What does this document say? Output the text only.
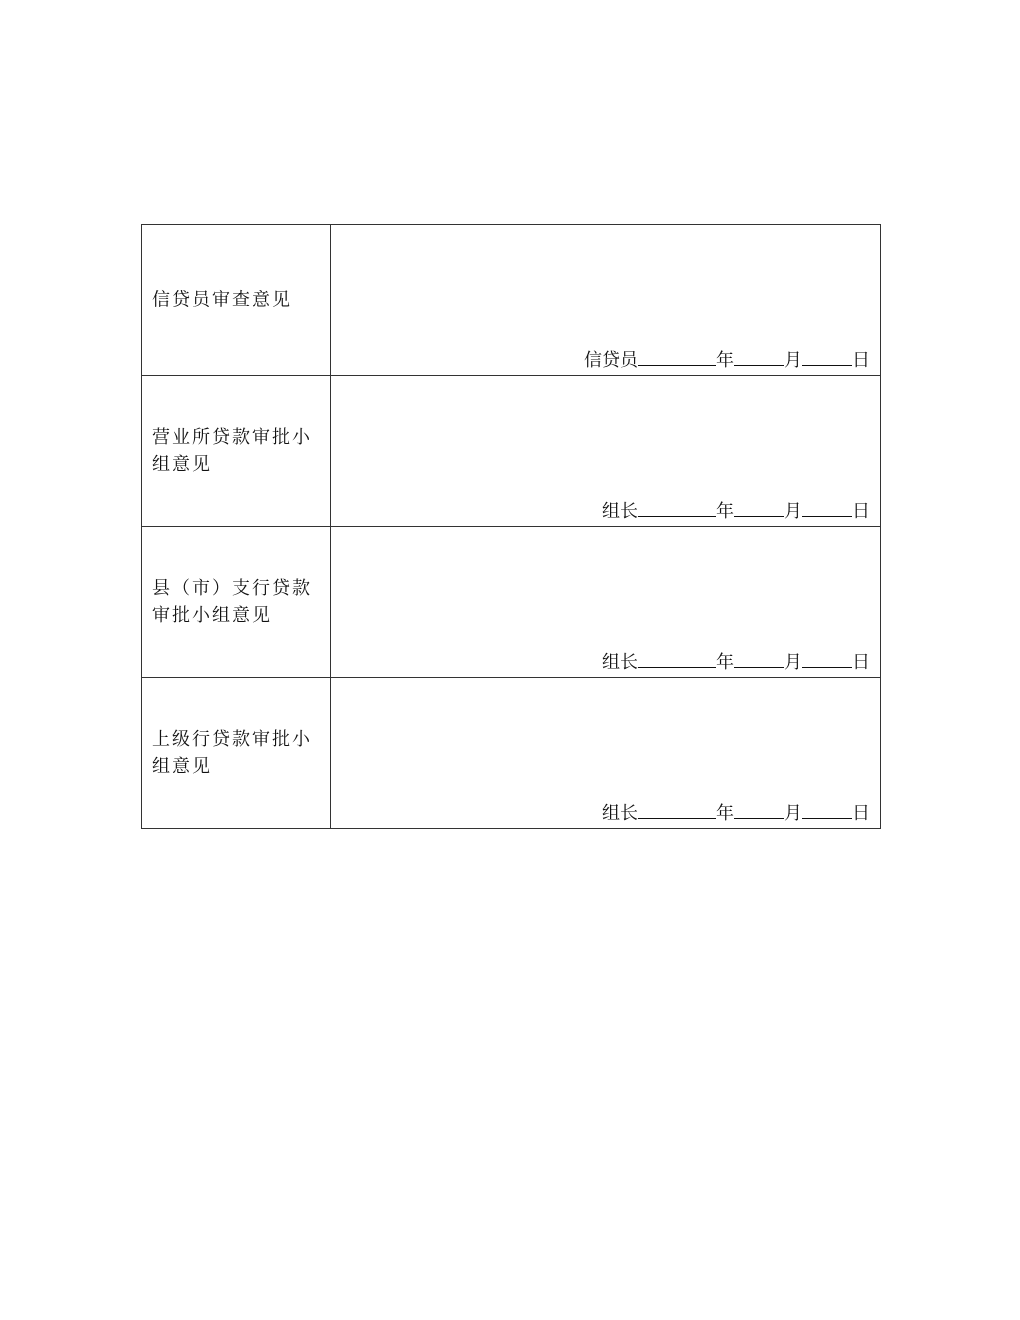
信贷员审查意见	信贷员 年 月 日

营业所贷款审批小组意见	组长 年 月 日

县（市）支行贷款审批小组意见	组长 年 月 日

上级行贷款审批小组意见	组长 年 月 日
